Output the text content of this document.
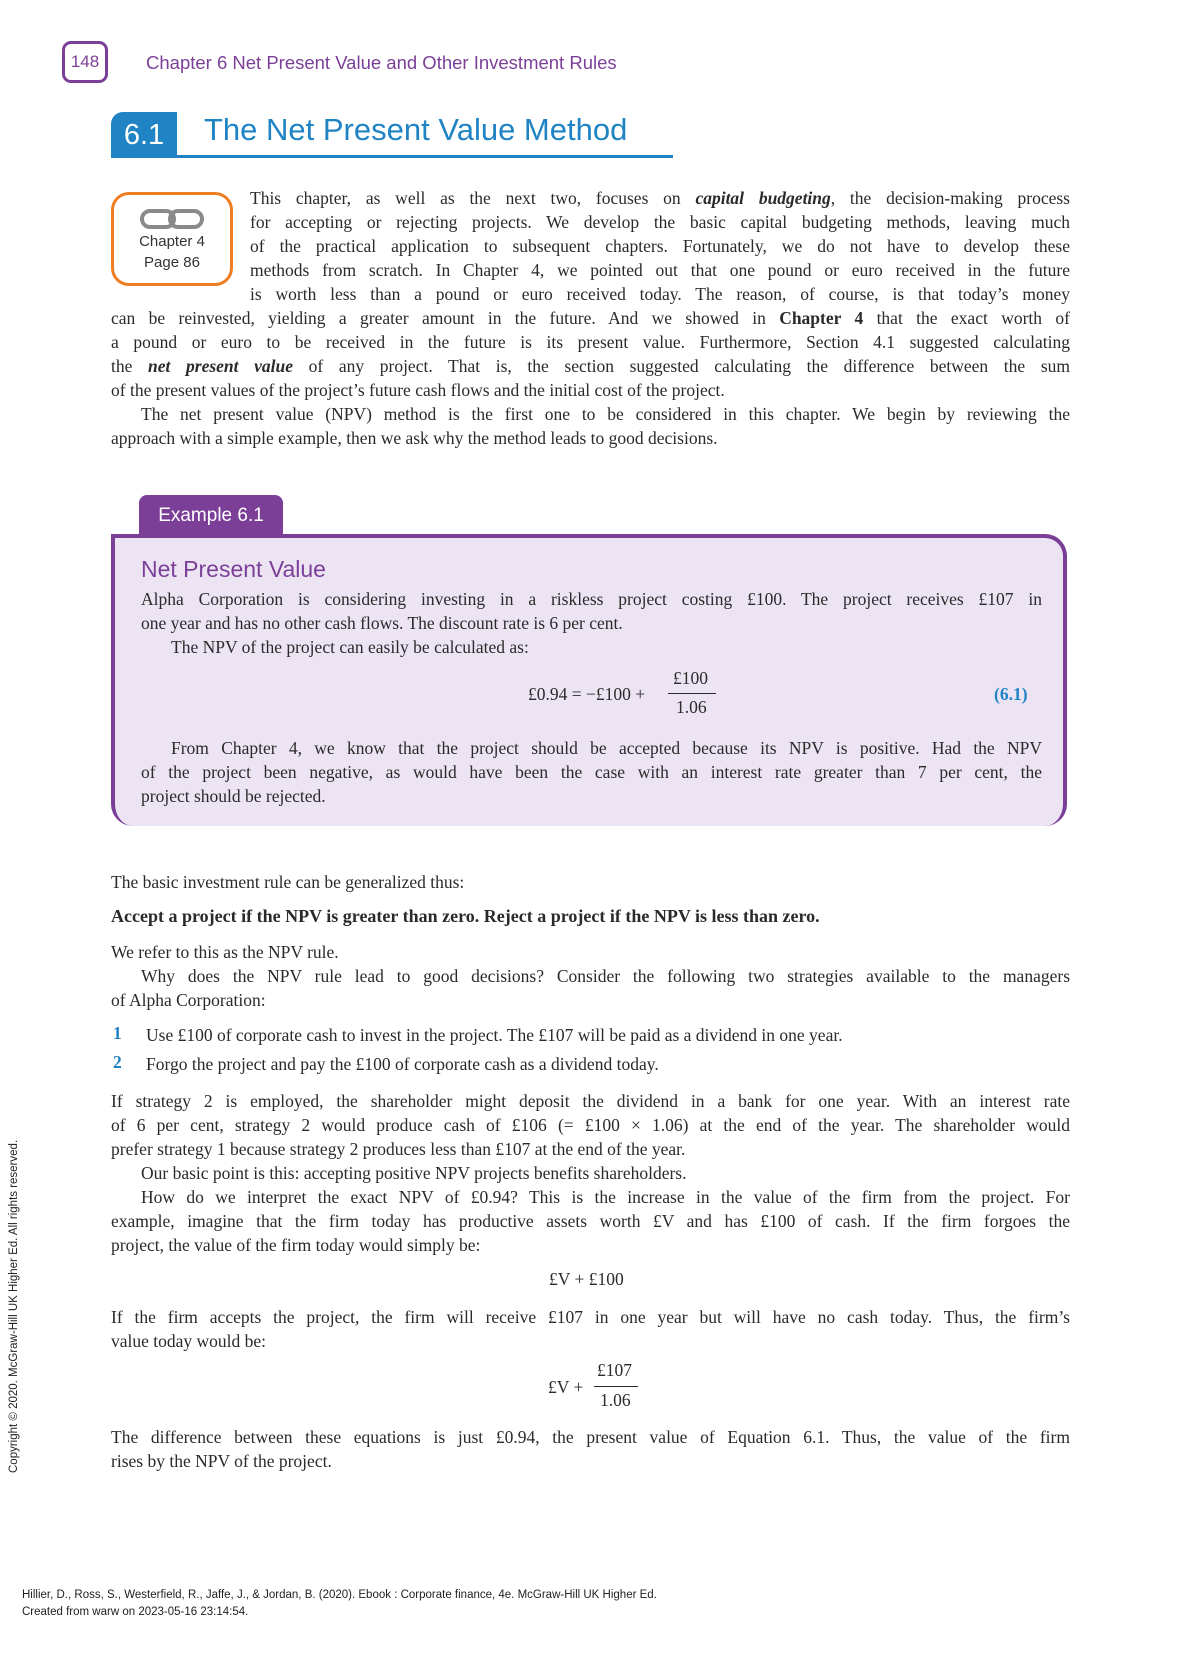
148	Chapter 6 Net Present Value and Other Investment Rules
6.1	The Net Present Value Method
Chapter 4
Page 86

This chapter, as well as the next two, focuses on capital budgeting, the decision-making process

for accepting or rejecting projects. We develop the basic capital budgeting methods, leaving much

of the practical application to subsequent chapters. Fortunately, we do not have to develop these

methods from scratch. In Chapter 4, we pointed out that one pound or euro received in the future

is worth less than a pound or euro received today. The reason, of course, is that today’s money

can be reinvested, yielding a greater amount in the future. And we showed in Chapter 4 that the exact worth of

a pound or euro to be received in the future is its present value. Furthermore, Section 4.1 suggested calculating

the net present value of any project. That is, the section suggested calculating the difference between the sum

of the present values of the project’s future cash flows and the initial cost of the project.

The net present value (NPV) method is the first one to be considered in this chapter. We begin by reviewing the

approach with a simple example, then we ask why the method leads to good decisions.

Example 6.1
Net Present Value

Alpha Corporation is considering investing in a riskless project costing £100. The project receives £107 in

one year and has no other cash flows. The discount rate is 6 per cent.

The NPV of the project can easily be calculated as:

£0.94 = −£100 +
£100
1.06
(6.1)

From Chapter 4, we know that the project should be accepted because its NPV is positive. Had the NPV

of the project been negative, as would have been the case with an interest rate greater than 7 per cent, the

project should be rejected.

The basic investment rule can be generalized thus:

Accept a project if the NPV is greater than zero. Reject a project if the NPV is less than zero.

We refer to this as the NPV rule.

Why does the NPV rule lead to good decisions? Consider the following two strategies available to the managers

of Alpha Corporation:

1 Use £100 of corporate cash to invest in the project. The £107 will be paid as a dividend in one year.

2 Forgo the project and pay the £100 of corporate cash as a dividend today.

If strategy 2 is employed, the shareholder might deposit the dividend in a bank for one year. With an interest rate

of 6 per cent, strategy 2 would produce cash of £106 (= £100 × 1.06) at the end of the year. The shareholder would

prefer strategy 1 because strategy 2 produces less than £107 at the end of the year.

Our basic point is this: accepting positive NPV projects benefits shareholders.

How do we interpret the exact NPV of £0.94? This is the increase in the value of the firm from the project. For

example, imagine that the firm today has productive assets worth £V and has £100 of cash. If the firm forgoes the

project, the value of the firm today would simply be:

£V + £100

If the firm accepts the project, the firm will receive £107 in one year but will have no cash today. Thus, the firm’s

value today would be:

£V +
£107
1.06

The difference between these equations is just £0.94, the present value of Equation 6.1. Thus, the value of the firm

rises by the NPV of the project.

Copyright © 2020. McGraw-Hill UK Higher Ed. All rights reserved.
Hillier, D., Ross, S., Westerfield, R., Jaffe, J., & Jordan, B. (2020). Ebook : Corporate finance, 4e. McGraw-Hill UK Higher Ed.
Created from warw on 2023-05-16 23:14:54.
